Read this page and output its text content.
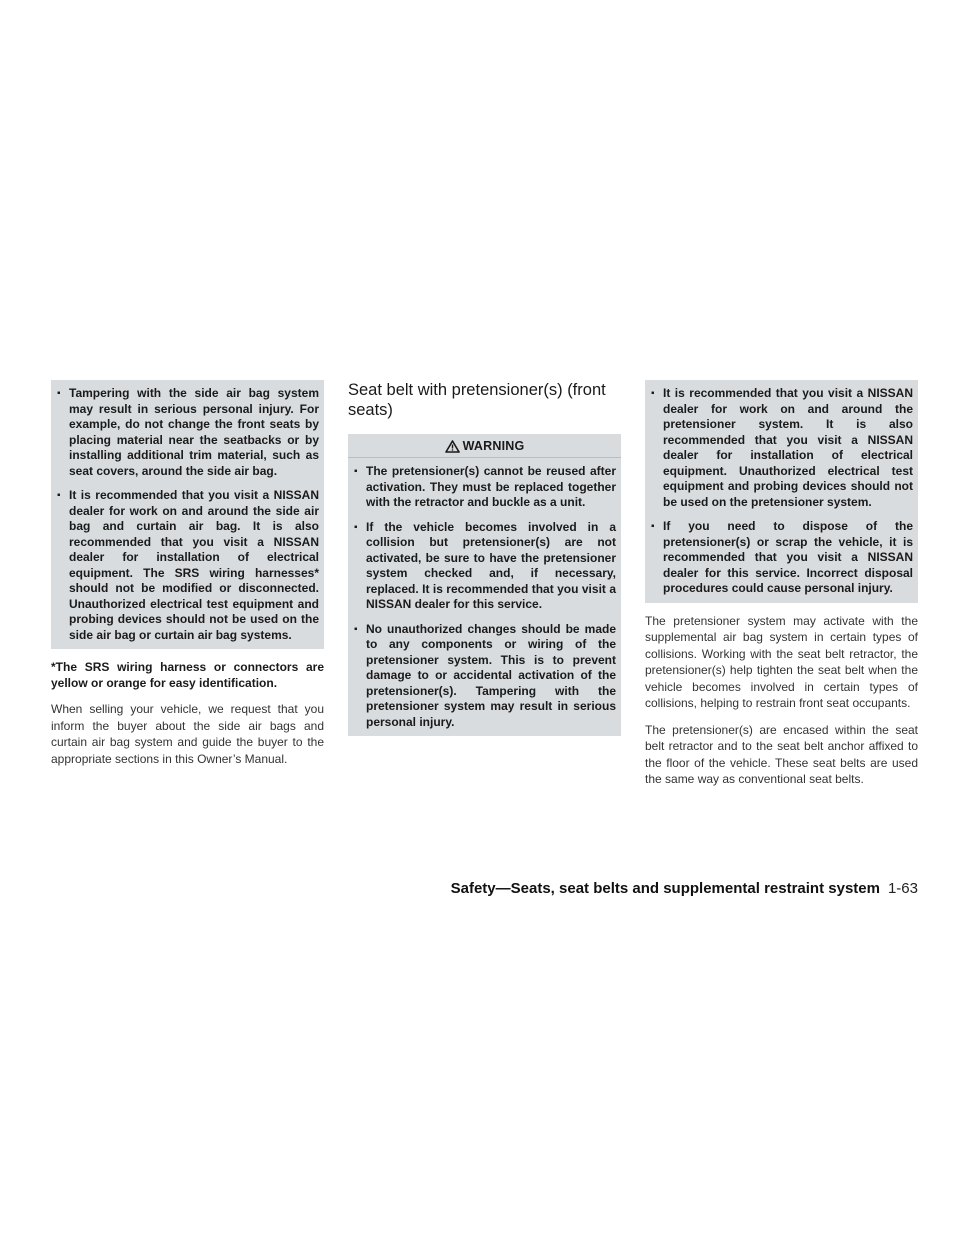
▪ Tampering with the side air bag system may result in serious personal injury. For example, do not change the front seats by placing material near the seatbacks or by installing additional trim material, such as seat covers, around the side air bag.
▪ It is recommended that you visit a NISSAN dealer for work on and around the side air bag and curtain air bag. It is also recommended that you visit a NISSAN dealer for installation of electrical equipment. The SRS wiring harnesses* should not be modified or disconnected. Unauthorized electrical test equipment and probing devices should not be used on the side air bag or curtain air bag systems.

*The SRS wiring harness or connectors are yellow or orange for easy identification.

When selling your vehicle, we request that you inform the buyer about the side air bags and curtain air bag system and guide the buyer to the appropriate sections in this Owner’s Manual.

Seat belt with pretensioner(s) (front seats)
WARNING
▪ The pretensioner(s) cannot be reused after activation. They must be replaced together with the retractor and buckle as a unit.
▪ If the vehicle becomes involved in a collision but pretensioner(s) are not activated, be sure to have the pretensioner system checked and, if necessary, replaced. It is recommended that you visit a NISSAN dealer for this service.
▪ No unauthorized changes should be made to any components or wiring of the pretensioner system. This is to prevent damage to or accidental activation of the pretensioner(s). Tampering with the pretensioner system may result in serious personal injury.
▪ It is recommended that you visit a NISSAN dealer for work on and around the pretensioner system. It is also recommended that you visit a NISSAN dealer for installation of electrical equipment. Unauthorized electrical test equipment and probing devices should not be used on the pretensioner system.
▪ If you need to dispose of the pretensioner(s) or scrap the vehicle, it is recommended that you visit a NISSAN dealer for this service. Incorrect disposal procedures could cause personal injury.

The pretensioner system may activate with the supplemental air bag system in certain types of collisions. Working with the seat belt retractor, the pretensioner(s) help tighten the seat belt when the vehicle becomes involved in certain types of collisions, helping to restrain front seat occupants.

The pretensioner(s) are encased within the seat belt retractor and to the seat belt anchor affixed to the floor of the vehicle. These seat belts are used the same way as conventional seat belts.

Safety—Seats, seat belts and supplemental restraint system 1-63
